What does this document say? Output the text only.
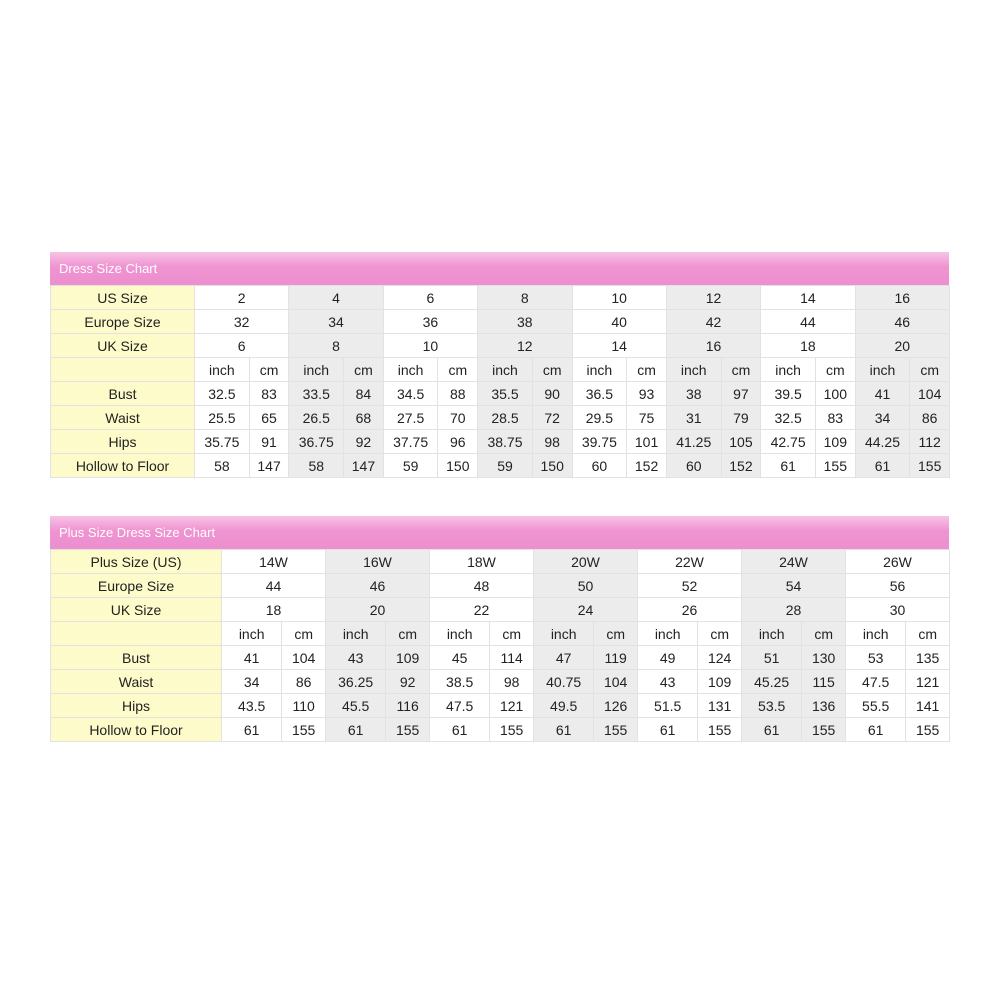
Dress Size Chart
US Size	2		4		6		8		10		12		14		16	
Europe Size	32		34		36		38		40		42		44		46	
UK Size	6		8		10		12		14		16		18		20	
	inch	cm	inch	cm	inch	cm	inch	cm	inch	cm	inch	cm	inch	cm	inch	cm
Bust	32.5	83	33.5	84	34.5	88	35.5	90	36.5	93	38	97	39.5	100	41	104
Waist	25.5	65	26.5	68	27.5	70	28.5	72	29.5	75	31	79	32.5	83	34	86
Hips	35.75	91	36.75	92	37.75	96	38.75	98	39.75	101	41.25	105	42.75	109	44.25	112
Hollow to Floor	58	147	58	147	59	150	59	150	60	152	60	152	61	155	61	155
Plus Size Dress Size Chart
Plus Size (US)	14W		16W		18W		20W		22W		24W		26W	
Europe Size	44		46		48		50		52		54		56	
UK Size	18		20		22		24		26		28		30	
	inch	cm	inch	cm	inch	cm	inch	cm	inch	cm	inch	cm	inch	cm
Bust	41	104	43	109	45	114	47	119	49	124	51	130	53	135
Waist	34	86	36.25	92	38.5	98	40.75	104	43	109	45.25	115	47.5	121
Hips	43.5	110	45.5	116	47.5	121	49.5	126	51.5	131	53.5	136	55.5	141
Hollow to Floor	61	155	61	155	61	155	61	155	61	155	61	155	61	155
